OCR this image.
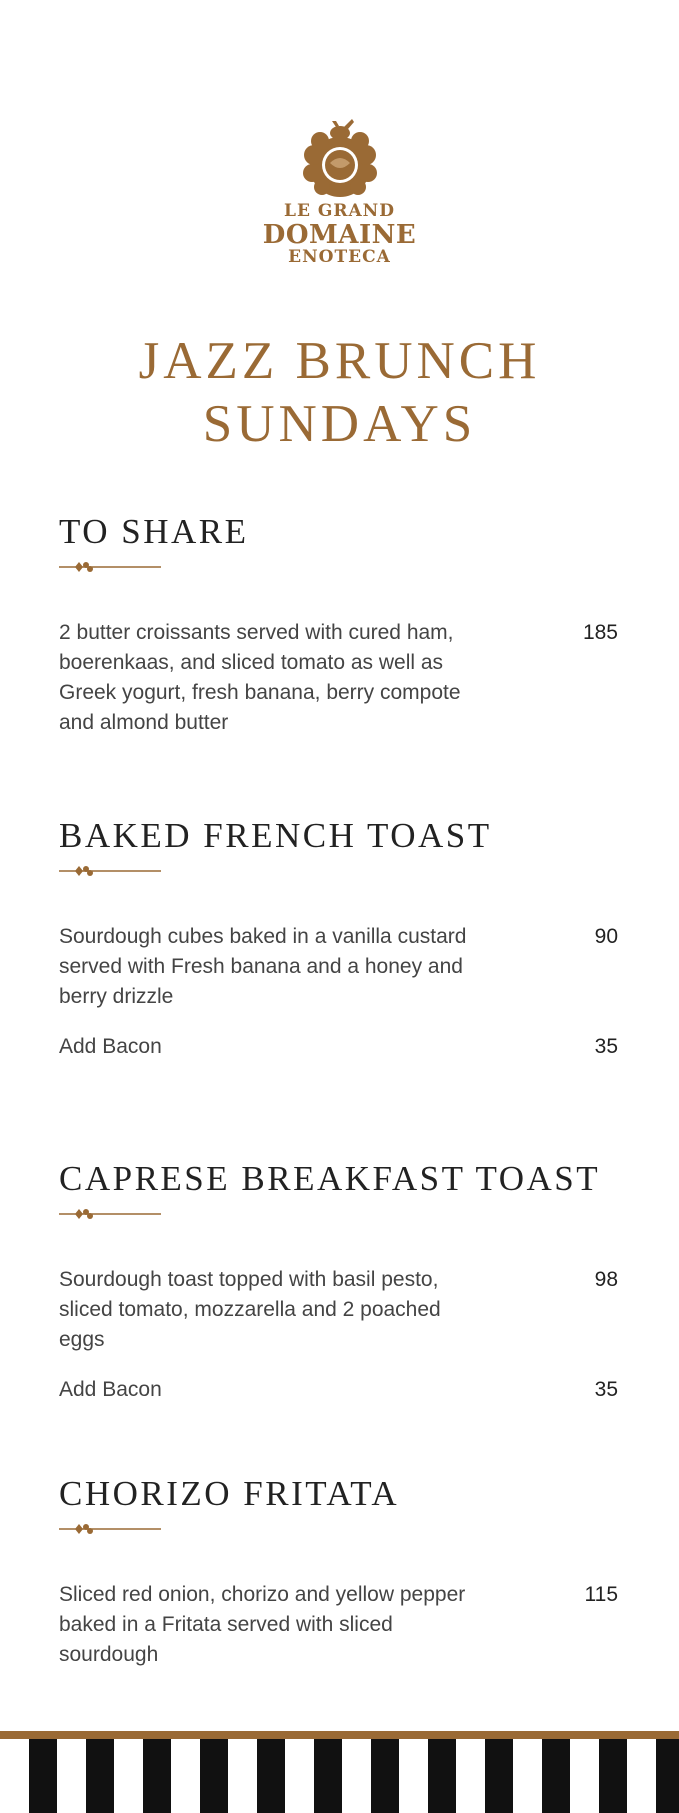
LE GRAND
DOMAINE
ENOTECA
JAZZ BRUNCH
SUNDAYS
TO SHARE
2 butter croissants served with cured ham, boerenkaas, and sliced tomato as well as Greek yogurt, fresh banana, berry compote and almond butter
185
BAKED FRENCH TOAST
Sourdough cubes baked in a vanilla custard served with Fresh banana and a honey and berry drizzle
90
Add Bacon	35
CAPRESE BREAKFAST TOAST
Sourdough toast topped with basil pesto, sliced tomato, mozzarella and 2 poached eggs
98
Add Bacon	35
CHORIZO FRITATA
Sliced red onion, chorizo and yellow pepper baked in a Fritata served with sliced sourdough
115
